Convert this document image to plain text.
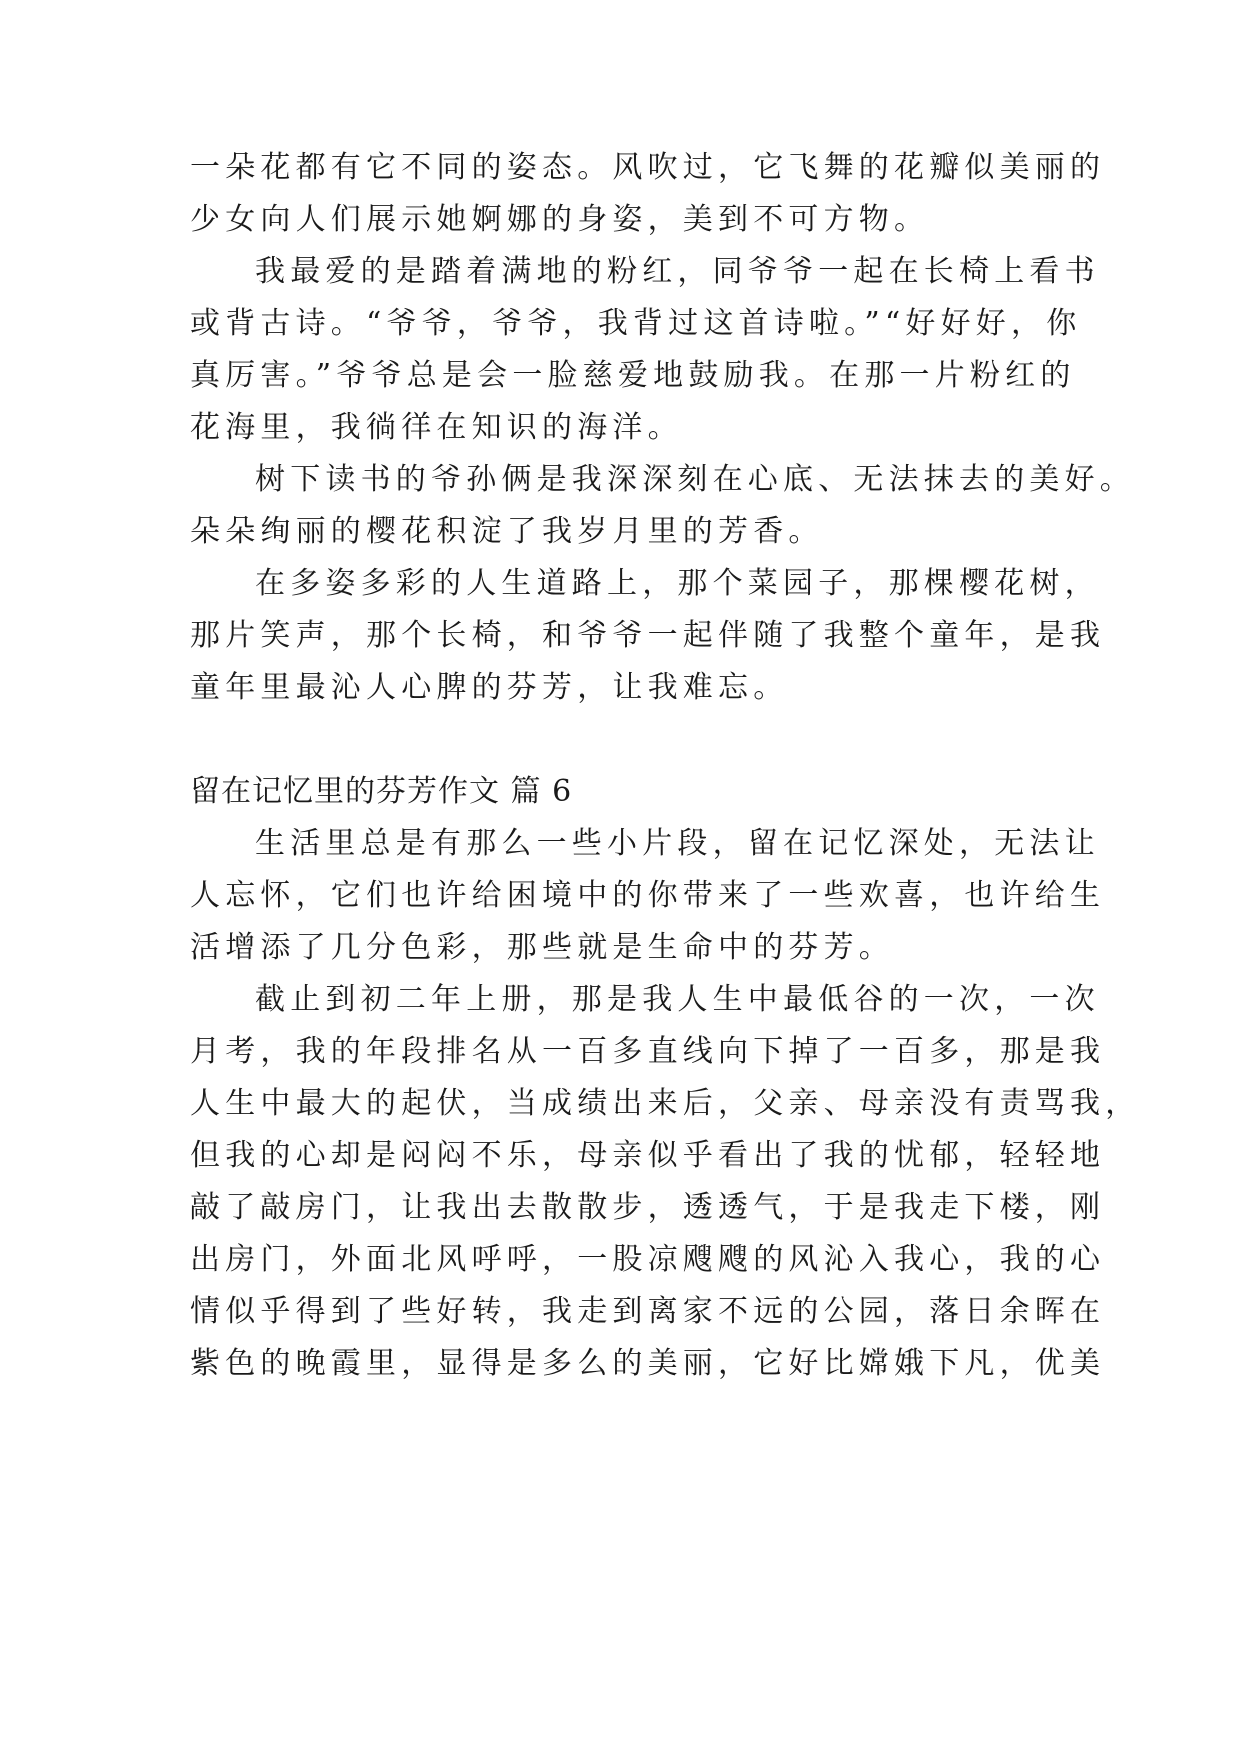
一朵花都有它不同的姿态。风吹过，它飞舞的花瓣似美丽的
少女向人们展示她婀娜的身姿，美到不可方物。
我最爱的是踏着满地的粉红，同爷爷一起在长椅上看书
或背古诗。“爷爷，爷爷，我背过这首诗啦。”“好好好，你
真厉害。”爷爷总是会一脸慈爱地鼓励我。在那一片粉红的
花海里，我徜徉在知识的海洋。
树下读书的爷孙俩是我深深刻在心底、无法抹去的美好。
朵朵绚丽的樱花积淀了我岁月里的芳香。
在多姿多彩的人生道路上，那个菜园子，那棵樱花树，
那片笑声，那个长椅，和爷爷一起伴随了我整个童年，是我
童年里最沁人心脾的芬芳，让我难忘。
留在记忆里的芬芳作文 篇 6
生活里总是有那么一些小片段，留在记忆深处，无法让
人忘怀，它们也许给困境中的你带来了一些欢喜，也许给生
活增添了几分色彩，那些就是生命中的芬芳。
截止到初二年上册，那是我人生中最低谷的一次，一次
月考，我的年段排名从一百多直线向下掉了一百多，那是我
人生中最大的起伏，当成绩出来后，父亲、母亲没有责骂我，
但我的心却是闷闷不乐，母亲似乎看出了我的忧郁，轻轻地
敲了敲房门，让我出去散散步，透透气，于是我走下楼，刚
出房门，外面北风呼呼，一股凉飕飕的风沁入我心，我的心
情似乎得到了些好转，我走到离家不远的公园，落日余晖在
紫色的晚霞里，显得是多么的美丽，它好比嫦娥下凡，优美
